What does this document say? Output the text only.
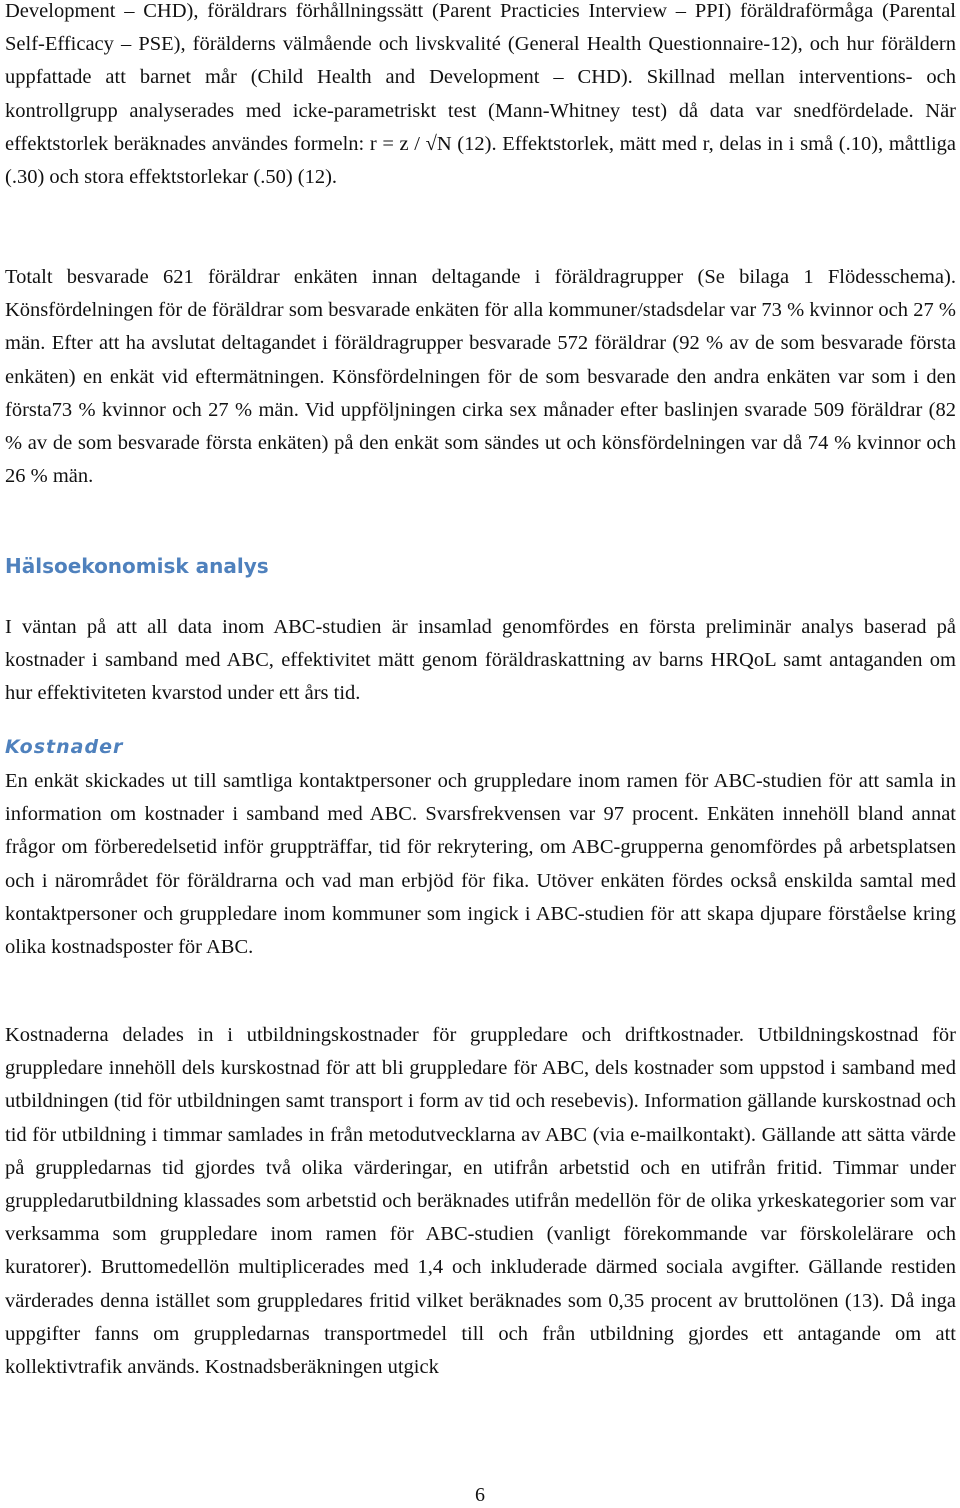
Development – CHD), föräldrars förhållningssätt (Parent Practicies Interview – PPI) föräldraförmåga (Parental Self-Efficacy – PSE), förälderns välmående och livskvalité (General Health Questionnaire-12), och hur föräldern uppfattade att barnet mår (Child Health and Development – CHD). Skillnad mellan interventions- och kontrollgrupp analyserades med icke-parametriskt test (Mann-Whitney test) då data var snedfördelade. När effektstorlek beräknades användes formeln: r = z / √N (12). Effektstorlek, mätt med r, delas in i små (.10), måttliga (.30) och stora effektstorlekar (.50) (12).

Totalt besvarade 621 föräldrar enkäten innan deltagande i föräldragrupper (Se bilaga 1 Flödesschema). Könsfördelningen för de föräldrar som besvarade enkäten för alla kommuner/stadsdelar var 73 % kvinnor och 27 % män. Efter att ha avslutat deltagandet i föräldragrupper besvarade 572 föräldrar (92 % av de som besvarade första enkäten) en enkät vid eftermätningen. Könsfördelningen för de som besvarade den andra enkäten var som i den första73 % kvinnor och 27 % män. Vid uppföljningen cirka sex månader efter baslinjen svarade 509 föräldrar (82 % av de som besvarade första enkäten) på den enkät som sändes ut och könsfördelningen var då 74 % kvinnor och 26 % män.

Hälsoekonomisk analys

I väntan på att all data inom ABC-studien är insamlad genomfördes en första preliminär analys baserad på kostnader i samband med ABC, effektivitet mätt genom föräldraskattning av barns HRQoL samt antaganden om hur effektiviteten kvarstod under ett års tid.

Kostnader

En enkät skickades ut till samtliga kontaktpersoner och gruppledare inom ramen för ABC-studien för att samla in information om kostnader i samband med ABC. Svarsfrekvensen var 97 procent. Enkäten innehöll bland annat frågor om förberedelsetid inför gruppträffar, tid för rekrytering, om ABC-grupperna genomfördes på arbetsplatsen och i närområdet för föräldrarna och vad man erbjöd för fika. Utöver enkäten fördes också enskilda samtal med kontaktpersoner och gruppledare inom kommuner som ingick i ABC-studien för att skapa djupare förståelse kring olika kostnadsposter för ABC.

Kostnaderna delades in i utbildningskostnader för gruppledare och driftkostnader. Utbildningskostnad för gruppledare innehöll dels kurskostnad för att bli gruppledare för ABC, dels kostnader som uppstod i samband med utbildningen (tid för utbildningen samt transport i form av tid och resebevis). Information gällande kurskostnad och tid för utbildning i timmar samlades in från metodutvecklarna av ABC (via e-mailkontakt). Gällande att sätta värde på gruppledarnas tid gjordes två olika värderingar, en utifrån arbetstid och en utifrån fritid. Timmar under gruppledarutbildning klassades som arbetstid och beräknades utifrån medellön för de olika yrkeskategorier som var verksamma som gruppledare inom ramen för ABC-studien (vanligt förekommande var förskolelärare och kuratorer). Bruttomedellön multiplicerades med 1,4 och inkluderade därmed sociala avgifter. Gällande restiden värderades denna istället som gruppledares fritid vilket beräknades som 0,35 procent av bruttolönen (13). Då inga uppgifter fanns om gruppledarnas transportmedel till och från utbildning gjordes ett antagande om att kollektivtrafik används. Kostnadsberäkningen utgick

6
